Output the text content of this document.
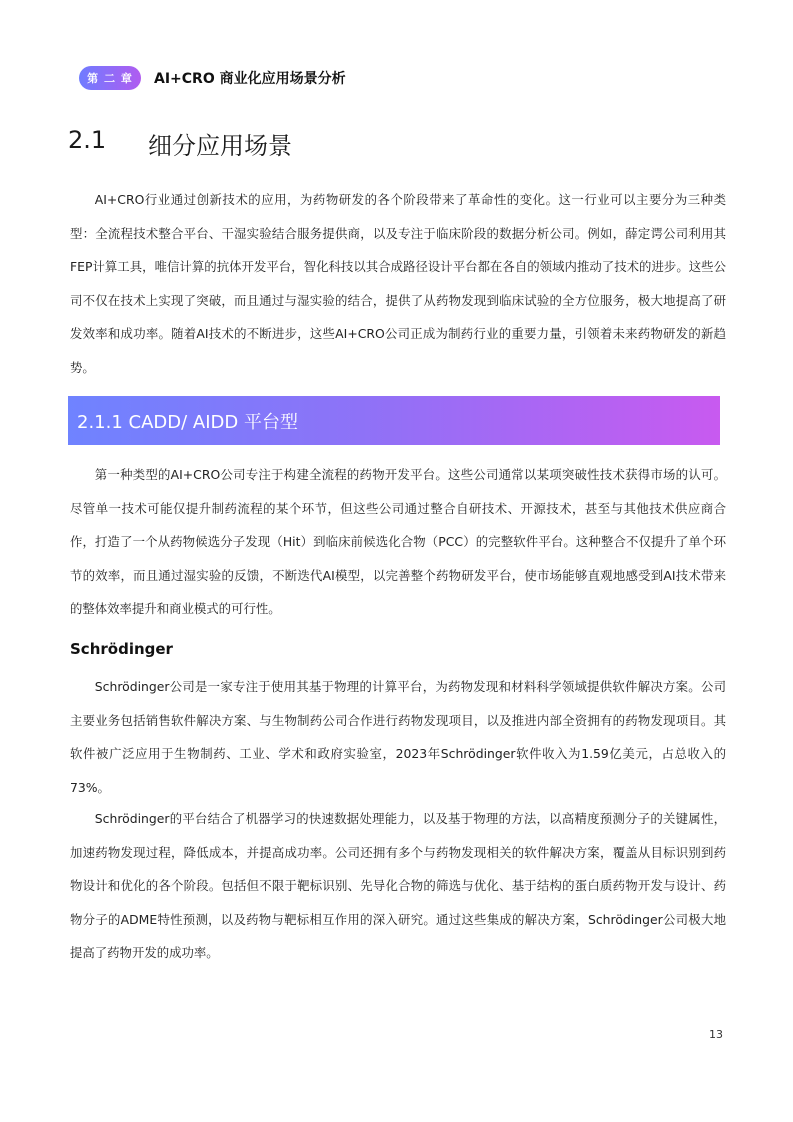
第 二 章	AI+CRO 商业化应用场景分析
2.1	细分应用场景

AI+CRO行业通过创新技术的应用，为药物研发的各个阶段带来了革命性的变化。这一行业可以主要分为三种类型：全流程技术整合平台、干湿实验结合服务提供商，以及专注于临床阶段的数据分析公司。例如，薛定谔公司利用其FEP计算工具，唯信计算的抗体开发平台，智化科技以其合成路径设计平台都在各自的领域内推动了技术的进步。这些公司不仅在技术上实现了突破，而且通过与湿实验的结合，提供了从药物发现到临床试验的全方位服务，极大地提高了研发效率和成功率。随着AI技术的不断进步，这些AI+CRO公司正成为制药行业的重要力量，引领着未来药物研发的新趋势。

2.1.1 CADD/ AIDD 平台型

第一种类型的AI+CRO公司专注于构建全流程的药物开发平台。这些公司通常以某项突破性技术获得市场的认可。尽管单一技术可能仅提升制药流程的某个环节，但这些公司通过整合自研技术、开源技术，甚至与其他技术供应商合作，打造了一个从药物候选分子发现（Hit）到临床前候选化合物（PCC）的完整软件平台。这种整合不仅提升了单个环节的效率，而且通过湿实验的反馈，不断迭代AI模型，以完善整个药物研发平台，使市场能够直观地感受到AI技术带来的整体效率提升和商业模式的可行性。

Schrödinger

Schrödinger公司是一家专注于使用其基于物理的计算平台，为药物发现和材料科学领域提供软件解决方案。公司主要业务包括销售软件解决方案、与生物制药公司合作进行药物发现项目，以及推进内部全资拥有的药物发现项目。其软件被广泛应用于生物制药、工业、学术和政府实验室，2023年Schrödinger软件收入为1.59亿美元，占总收入的73%。

Schrödinger的平台结合了机器学习的快速数据处理能力，以及基于物理的方法，以高精度预测分子的关键属性，加速药物发现过程，降低成本，并提高成功率。公司还拥有多个与药物发现相关的软件解决方案，覆盖从目标识别到药物设计和优化的各个阶段。包括但不限于靶标识别、先导化合物的筛选与优化、基于结构的蛋白质药物开发与设计、药物分子的ADME特性预测，以及药物与靶标相互作用的深入研究。通过这些集成的解决方案，Schrödinger公司极大地提高了药物开发的成功率。

13
